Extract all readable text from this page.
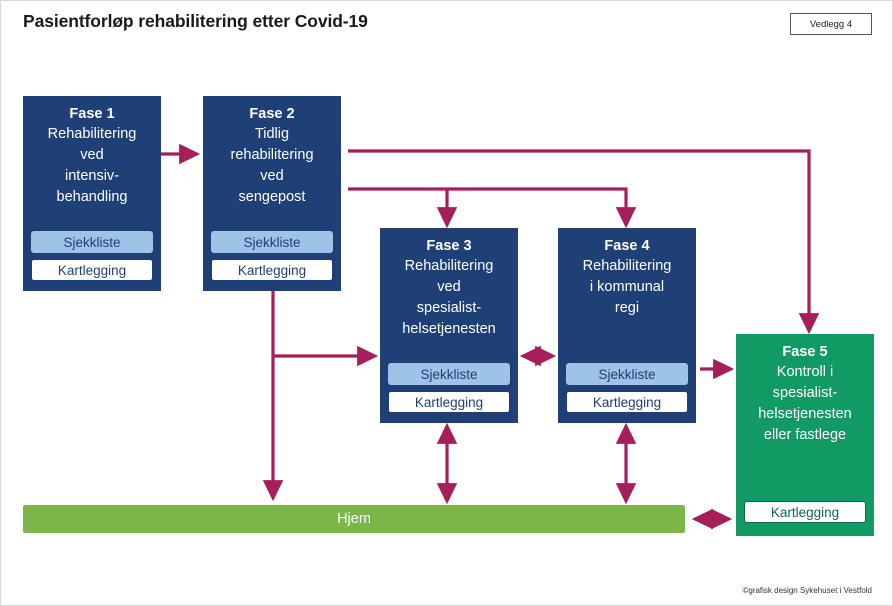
Pasientforløp rehabilitering etter Covid-19	Vedlegg 4
Fase 1
Rehabilitering
ved
intensiv-
behandling
Sjekkliste
Kartlegging
Fase 2
Tidlig
rehabilitering
ved
sengepost
Sjekkliste
Kartlegging
Fase 3
Rehabilitering
ved
spesialist-
helsetjenesten
Sjekkliste
Kartlegging
Fase 4
Rehabilitering
i kommunal
regi
Sjekkliste
Kartlegging
Fase 5
Kontroll i
spesialist-
helsetjenesten
eller fastlege
Kartlegging
Hjem
©grafisk design Sykehuset i Vestfold
